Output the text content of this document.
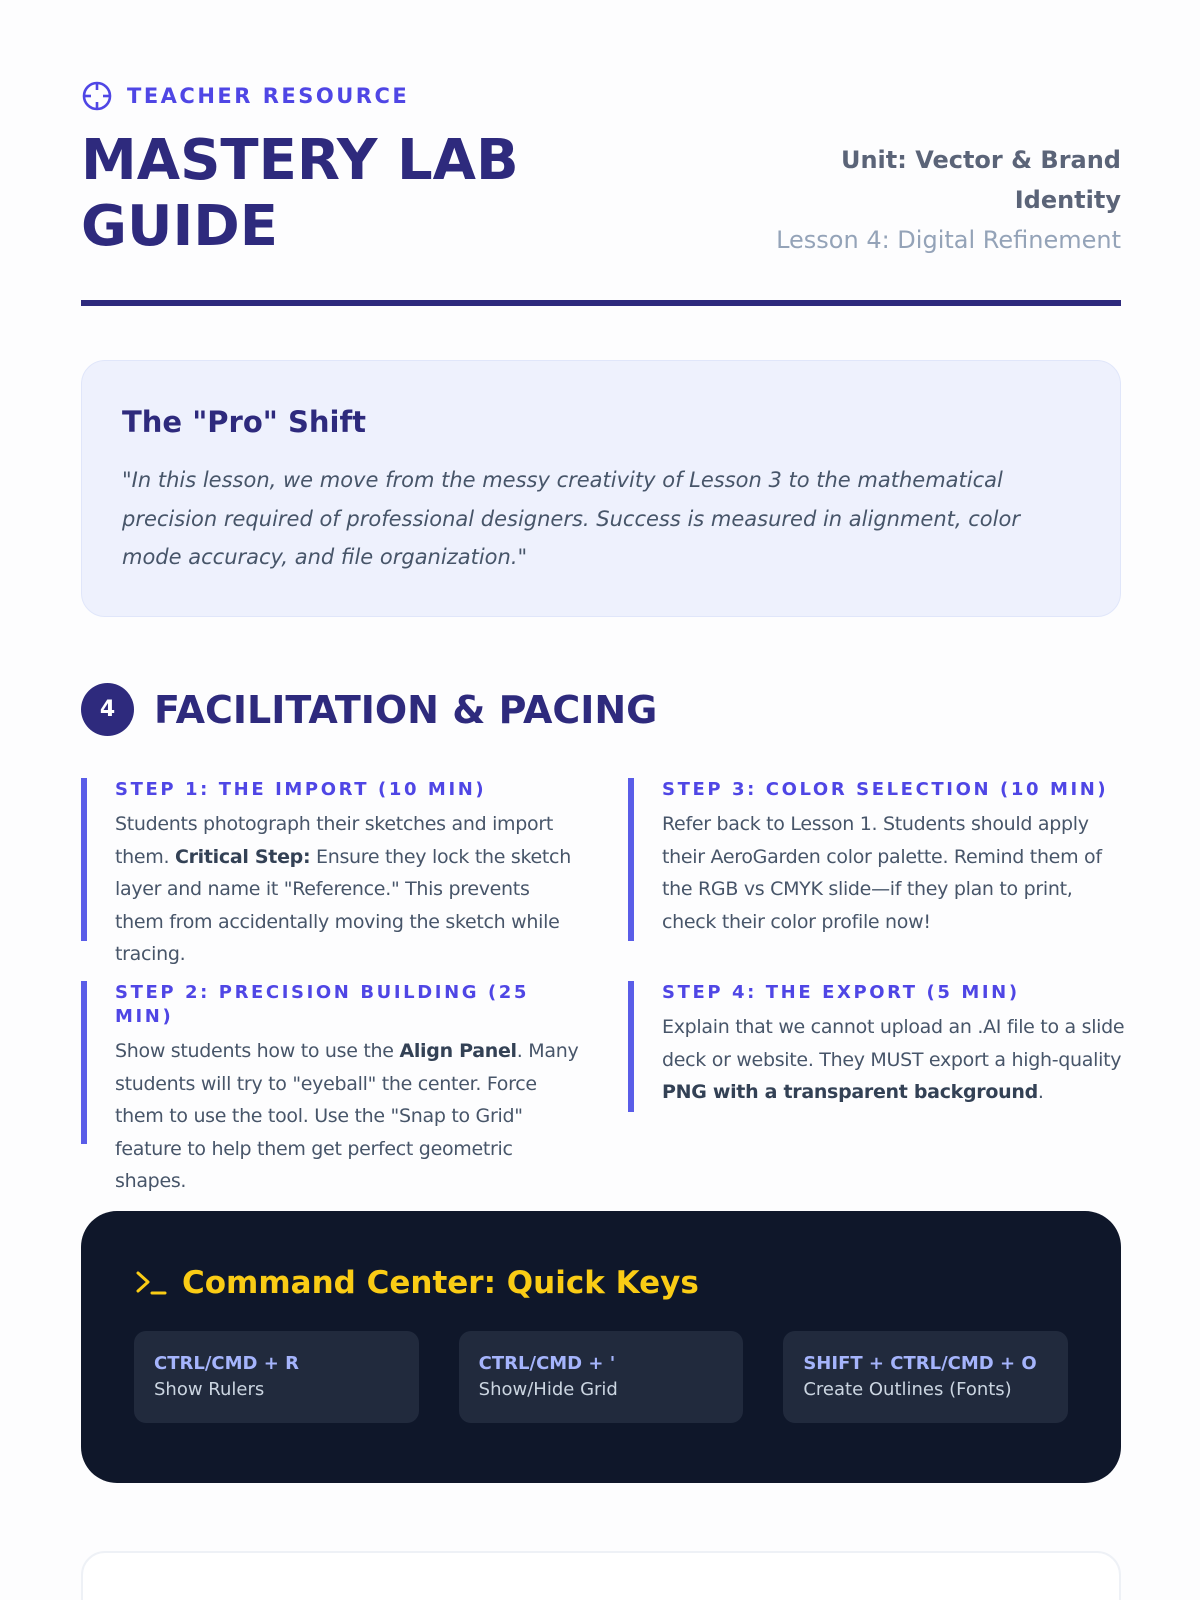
TEACHER RESOURCE
MASTERY LAB GUIDE
Unit: Vector & Brand Identity
Lesson 4: Digital Refinement
The "Pro" Shift

"In this lesson, we move from the messy creativity of Lesson 3 to the mathematical precision required of professional designers. Success is measured in alignment, color mode accuracy, and file organization."

4	FACILITATION & PACING
STEP 1: THE IMPORT (10 MIN)

Students photograph their sketches and import them. Critical Step: Ensure they lock the sketch layer and name it "Reference." This prevents them from accidentally moving the sketch while tracing.

STEP 3: COLOR SELECTION (10 MIN)

Refer back to Lesson 1. Students should apply their AeroGarden color palette. Remind them of the RGB vs CMYK slide—if they plan to print, check their color profile now!

STEP 2: PRECISION BUILDING (25 MIN)

Show students how to use the Align Panel. Many students will try to "eyeball" the center. Force them to use the tool. Use the "Snap to Grid" feature to help them get perfect geometric shapes.

STEP 4: THE EXPORT (5 MIN)

Explain that we cannot upload an .AI file to a slide deck or website. They MUST export a high-quality PNG with a transparent background.

Command Center: Quick Keys
CTRL/CMD + R
Show Rulers
CTRL/CMD + '
Show/Hide Grid
SHIFT + CTRL/CMD + O
Create Outlines (Fonts)
